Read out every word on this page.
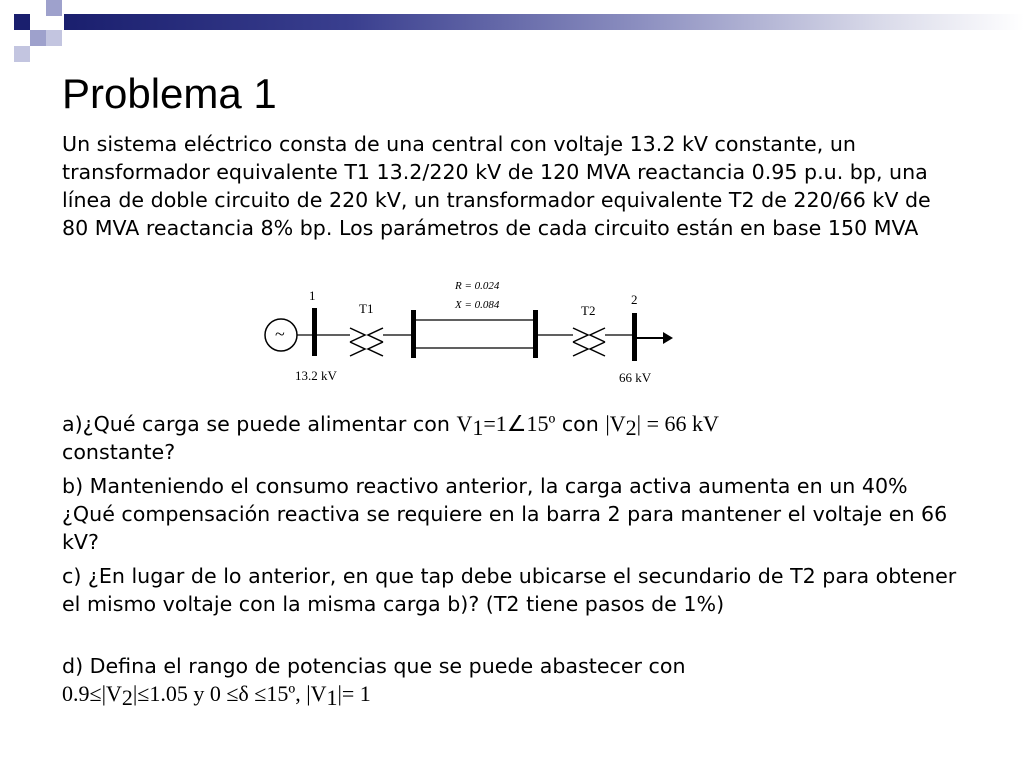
Problema 1
Un sistema eléctrico consta de una central con voltaje 13.2 kV constante, un transformador equivalente T1 13.2/220 kV de 120 MVA reactancia 0.95 p.u. bp, una línea de doble circuito de 220 kV, un transformador equivalente T2 de 220/66 kV de 80 MVA reactancia 8% bp. Los parámetros de cada circuito están en base 150 MVA
~
1
13.2 kV
T1
R = 0.024
X = 0.084	T2
2
66 kV
a)¿Qué carga se puede alimentar con $V_1=1\angle 15º$ con $|V_2| = 66$ kV
constante?
b) Manteniendo el consumo reactivo anterior, la carga activa aumenta en un 40% ¿Qué compensación reactiva se requiere en la barra 2 para mantener el voltaje en 66 kV?
c) ¿En lugar de lo anterior, en que tap debe ubicarse el secundario de T2 para obtener el mismo voltaje con la misma carga b)? (T2 tiene pasos de 1%)
d) Defina el rango de potencias que se puede abastecer con
$0.9\le|V_2|\le 1.05$ y 0 ≤δ ≤15º, $|V_1|= 1$
